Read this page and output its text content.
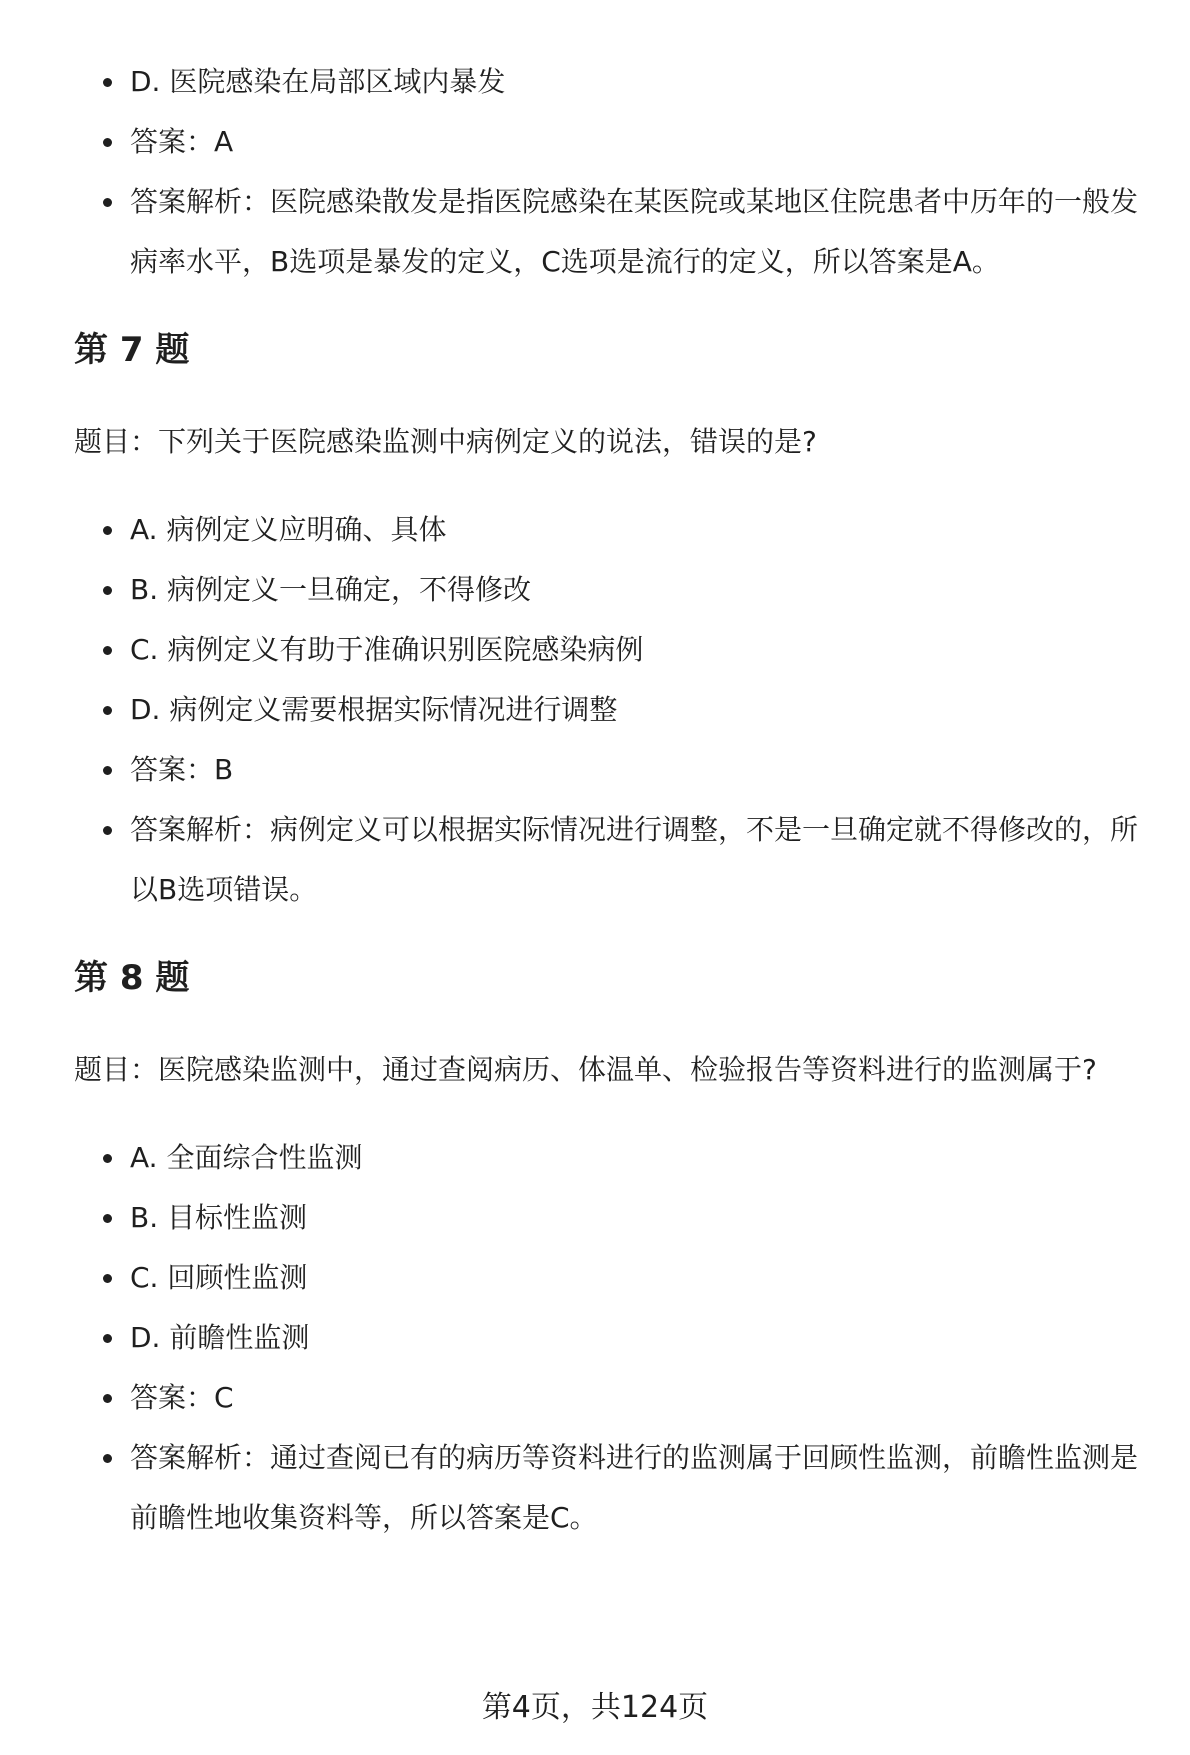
D. 医院感染在局部区域内暴发
答案：A
答案解析：医院感染散发是指医院感染在某医院或某地区住院患者中历年的一般发病率水平，B选项是暴发的定义，C选项是流行的定义，所以答案是A。
第 7 题

题目：下列关于医院感染监测中病例定义的说法，错误的是?

A. 病例定义应明确、具体
B. 病例定义一旦确定，不得修改
C. 病例定义有助于准确识别医院感染病例
D. 病例定义需要根据实际情况进行调整
答案：B
答案解析：病例定义可以根据实际情况进行调整，不是一旦确定就不得修改的，所以B选项错误。
第 8 题

题目：医院感染监测中，通过查阅病历、体温单、检验报告等资料进行的监测属于?

A. 全面综合性监测
B. 目标性监测
C. 回顾性监测
D. 前瞻性监测
答案：C
答案解析：通过查阅已有的病历等资料进行的监测属于回顾性监测，前瞻性监测是前瞻性地收集资料等，所以答案是C。
第4页，共124页
